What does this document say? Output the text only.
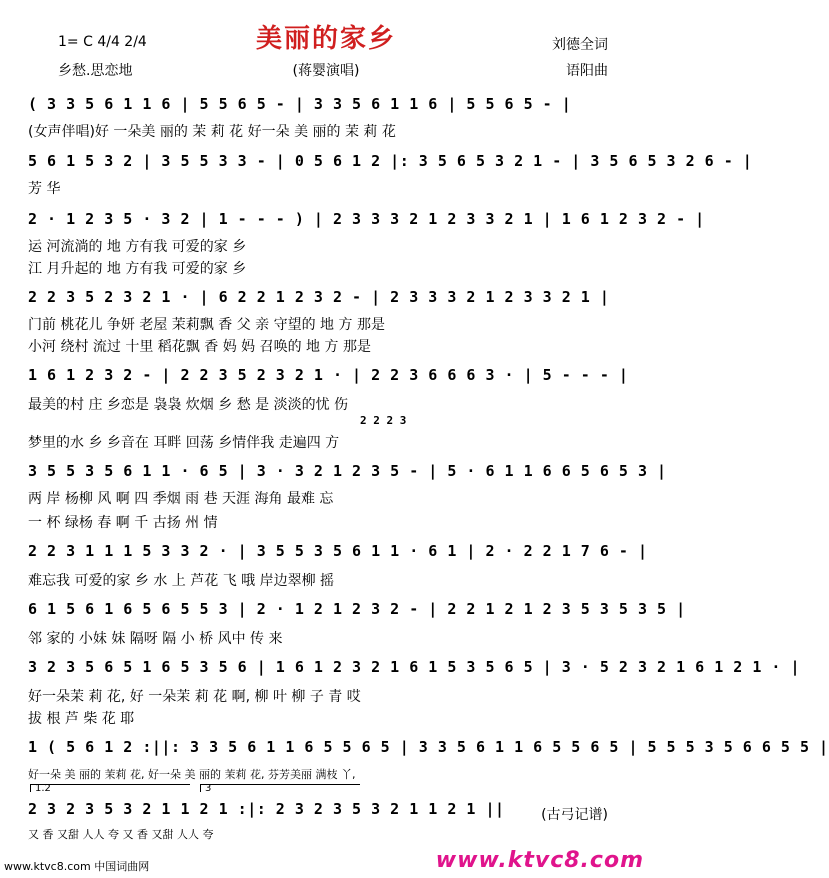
美丽的家乡
1= C 4/4 2/4
乡愁.思恋地	(蒋婴演唱)
刘德全词
语阳曲
( 3 3 5 6 1 1 6 | 5 5 6 5 - | 3 3 5 6 1 1 6 | 5 5 6 5 - |
(女声伴唱)好 一朵美 丽的 茉 莉 花 好一朵 美 丽的 茉 莉 花
5 6 1 5 3 2 | 3 5 5 3 3 - | 0 5 6 1 2 |: 3 5 6 5 3 2 1 - | 3 5 6 5 3 2 6 - |
芳 华
2 · 1 2 3 5 · 3 2 | 1 - - - ) | 2 3 3 3 2 1 2 3 3 2 1 | 1 6 1 2 3 2 - |
运 河流淌的 地 方有我 可爱的家 乡
江 月升起的 地 方有我 可爱的家 乡
2 2 3 5 2 3 2 1 · | 6 2 2 1 2 3 2 - | 2 3 3 3 2 1 2 3 3 2 1 |
门前 桃花儿 争妍 老屋 茉莉飘 香 父 亲 守望的 地 方 那是
小河 绕村 流过 十里 稻花飘 香 妈 妈 召唤的 地 方 那是
1 6 1 2 3 2 - | 2 2 3 5 2 3 2 1 · | 2 2 3 6 6 6 3 · | 5 - - - |
最美的村 庄 乡恋是 袅袅 炊烟 乡 愁 是 淡淡的忧 伤
2 2 2 3
梦里的水 乡 乡音在 耳畔 回荡 乡情伴我 走遍四 方
3 5 5 3 5 6 1 1 · 6 5 | 3 · 3 2 1 2 3 5 - | 5 · 6 1 1 6 6 5 6 5 3 |
两 岸 杨柳 风 啊 四 季烟 雨 巷 天涯 海角 最难 忘
一 杯 绿杨 春 啊 千 古扬 州 情
2 2 3 1 1 1 5 3 3 2 · | 3 5 5 3 5 6 1 1 · 6 1 | 2 · 2 2 1 7 6 - |
难忘我 可爱的家 乡 水 上 芦花 飞 哦 岸边翠柳 摇
6 1 5 6 1 6 5 6 5 5 3 | 2 · 1 2 1 2 3 2 - | 2 2 1 2 1 2 3 5 3 5 3 5 |
邻 家的 小妹 妹 隔呀 隔 小 桥 风中 传 来
3 2 3 5 6 5 1 6 5 3 5 6 | 1 6 1 2 3 2 1 6 1 5 3 5 6 5 | 3 · 5 2 3 2 1 6 1 2 1 · |
好一朵茉 莉 花, 好 一朵茉 莉 花 啊, 柳 叶 柳 子 青 哎
拔 根 芦 柴 花 耶
1 ( 5 6 1 2 :||: 3 3 5 6 1 1 6 5 5 6 5 | 3 3 5 6 1 1 6 5 5 6 5 | 5 5 5 3 5 6 6 5 5 |
好一朵 美 丽的 茉莉 花, 好一朵 美 丽的 茉莉 花, 芬芳美丽 满枝 丫,
1.2	3
2 3 2 3 5 3 2 1 1 2 1 :|: 2 3 2 3 5 3 2 1 1 2 1 ||
又 香 又甜 人人 夸 又 香 又甜 人人 夸
(古弓记谱)
www.ktvc8.com 中国词曲网	www.ktvc8.com
